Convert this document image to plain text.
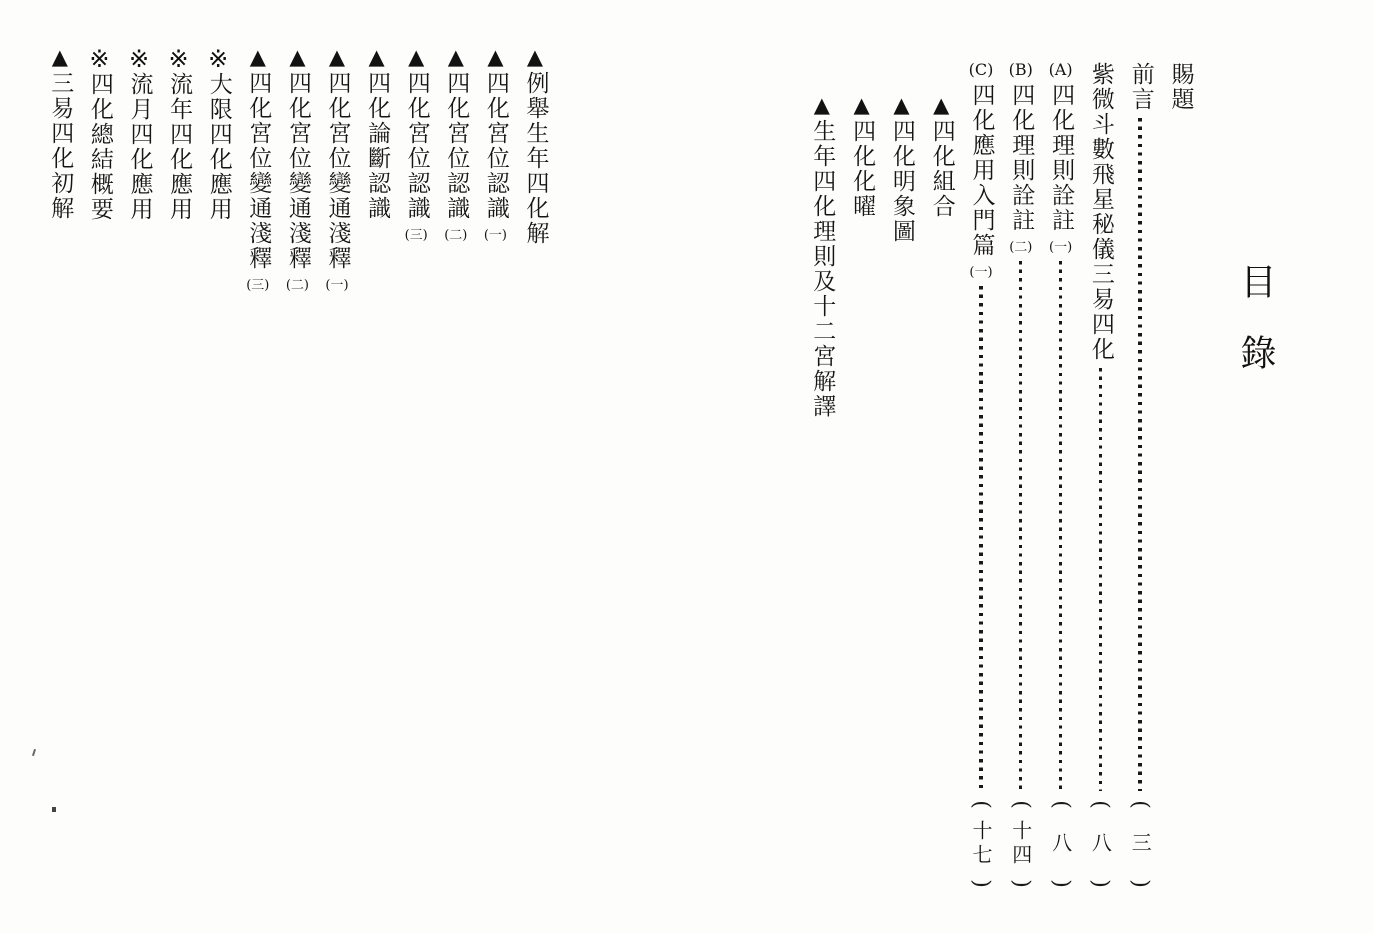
目錄
賜題
前言
(
三
)
紫微斗數飛星秘儀三易四化
(
八
)
(A)
四化理則詮註
(一)
(
八
)
(B)
四化理則詮註
(二)
(
十四
)
(C)
四化應用入門篇
(一)
(
十七
)
▲
四化組合
▲
四化明象圖
▲
四化化曜
▲
生年四化理則及十二宮解譯
▲
例舉生年四化解
▲
四化宮位認識
(一)
▲
四化宮位認識
(二)
▲
四化宮位認識
(三)
▲
四化論斷認識
▲
四化宮位變通淺釋
(一)
▲
四化宮位變通淺釋
(二)
▲
四化宮位變通淺釋
(三)
※
大限四化應用
※
流年四化應用
※
流月四化應用
※
四化總結概要
▲
三易四化初解
